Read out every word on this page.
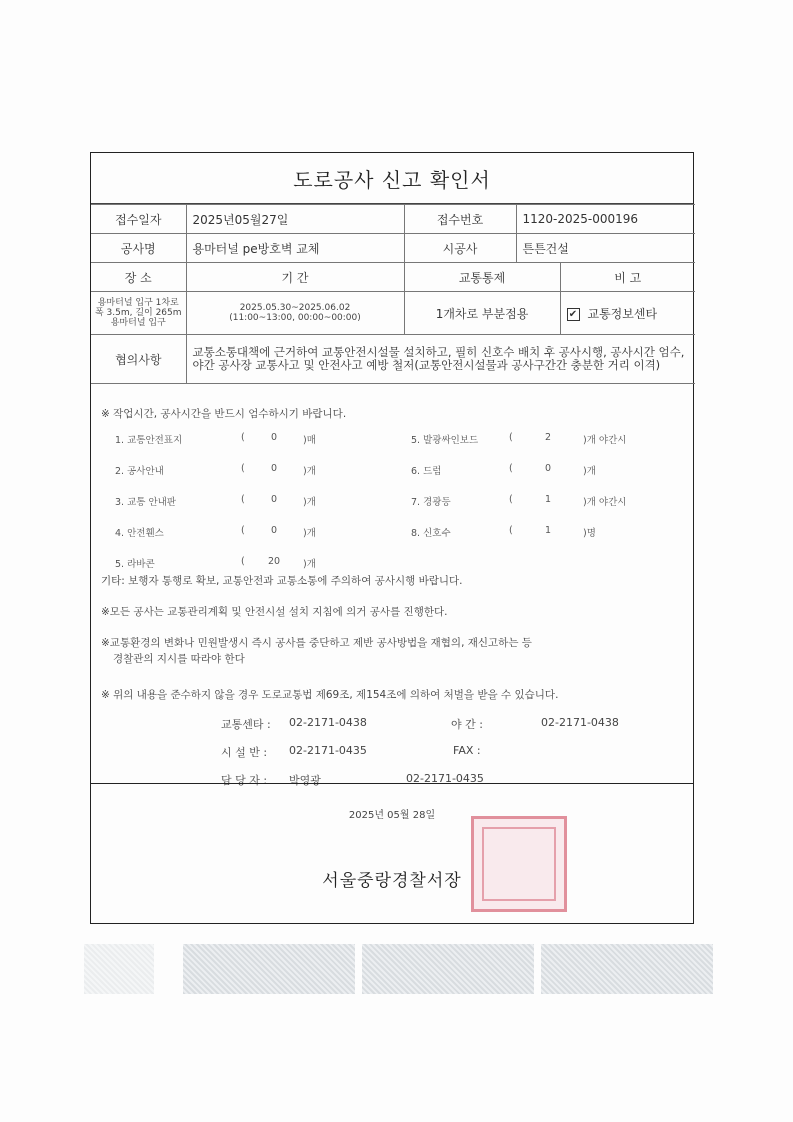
도로공사 신고 확인서
접수일자	2025년05월27일	접수번호	1120-2025-000196	
공사명	용마터널 pe방호벽 교체	시공사	튼튼건설	
장 소	기 간	교통통제		비 고

용마터널 입구 1차로 폭 3.5m, 길이 265m 용마터널 입구	2025.05.30~2025.06.02 (11:00~13:00, 00:00~00:00)	1개차로 부분점용		✔ 교통정보센타
협의사항	교통소통대책에 근거하여 교통안전시설물 설치하고, 필히 신호수 배치 후 공사시행, 공사시간 엄수, 야간 공사장 교통사고 및 안전사고 예방 철저(교통안전시설물과 공사구간간 충분한 거리 이격)			
※ 작업시간, 공사시간을 반드시 엄수하시기 바랍니다.
1. 교통안전표지	(	0	)매
2. 공사안내	(	0	)개
3. 교통 안내판	(	0	)개
4. 안전휀스	(	0	)개
5. 라바콘	( 20 )개
5. 발광싸인보드	(	2	)개 야간시
6. 드럼	(	0	)개
7. 경광등	(	1	)개 야간시
8. 신호수	(	1	)명
기타: 보행자 통행로 확보, 교통안전과 교통소통에 주의하여 공사시행 바랍니다.
※모든 공사는 교통관리계획 및 안전시설 설치 지침에 의거 공사를 진행한다.
※교통환경의 변화나 민원발생시 즉시 공사를 중단하고 제반 공사방법을 재협의, 재신고하는 등
경찰관의 지시를 따라야 한다
※ 위의 내용을 준수하지 않을 경우 도로교통법 제69조, 제154조에 의하여 처벌을 받을 수 있습니다.
교통센타 : 02-2171-0438	야 간 :	02-2171-0438
시 설 반 : 02-2171-0435	FAX :
담 당 자 : 박영광	02-2171-0435
2025년 05월 28일
서울중랑경찰서장
